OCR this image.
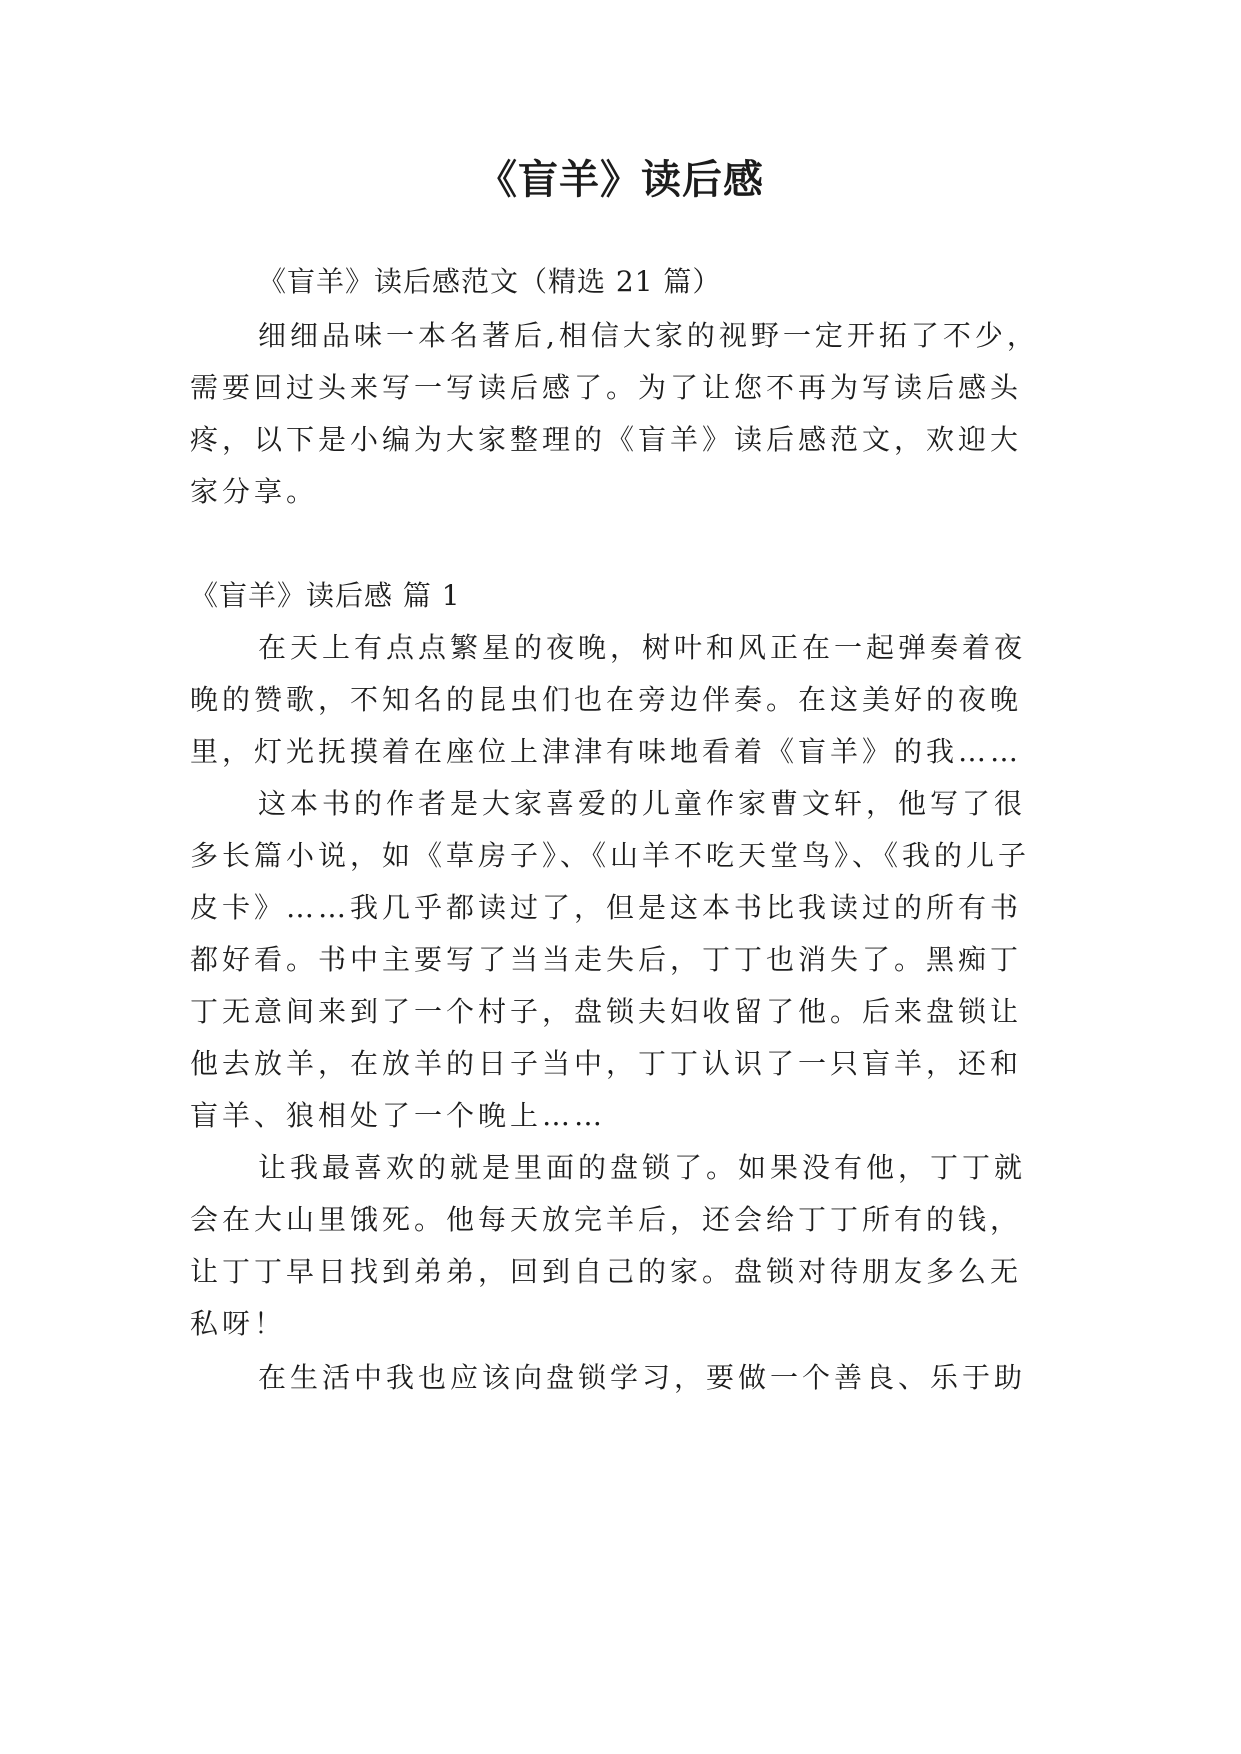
《盲羊》读后感
《盲羊》读后感范文（精选 21 篇）
细细品味一本名著后,相信大家的视野一定开拓了不少，
需要回过头来写一写读后感了。为了让您不再为写读后感头
疼，以下是小编为大家整理的《盲羊》读后感范文，欢迎大
家分享。
《盲羊》读后感 篇 1
在天上有点点繁星的夜晚，树叶和风正在一起弹奏着夜
晚的赞歌，不知名的昆虫们也在旁边伴奏。在这美好的夜晚
里，灯光抚摸着在座位上津津有味地看着《盲羊》的我……
这本书的作者是大家喜爱的儿童作家曹文轩，他写了很
多长篇小说，如《草房子》、《山羊不吃天堂鸟》、《我的儿子
皮卡》……我几乎都读过了，但是这本书比我读过的所有书
都好看。书中主要写了当当走失后，丁丁也消失了。黑痴丁
丁无意间来到了一个村子，盘锁夫妇收留了他。后来盘锁让
他去放羊，在放羊的日子当中，丁丁认识了一只盲羊，还和
盲羊、狼相处了一个晚上……
让我最喜欢的就是里面的盘锁了。如果没有他，丁丁就
会在大山里饿死。他每天放完羊后，还会给丁丁所有的钱，
让丁丁早日找到弟弟，回到自己的家。盘锁对待朋友多么无
私呀！
在生活中我也应该向盘锁学习，要做一个善良、乐于助
